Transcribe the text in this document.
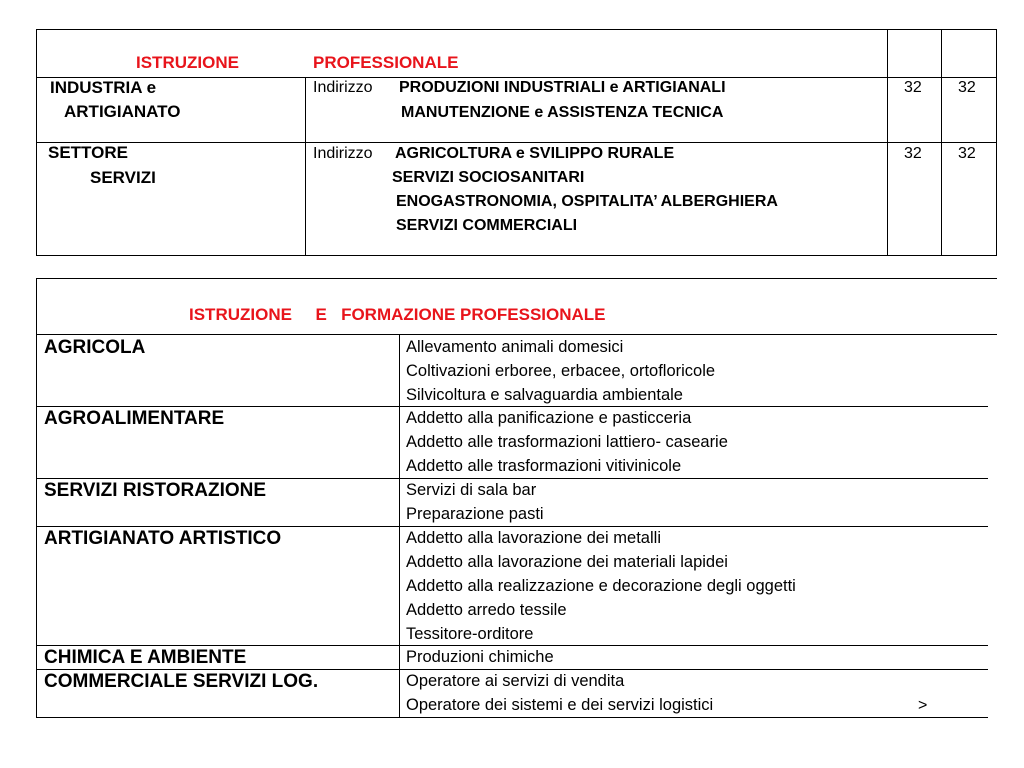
ISTRUZIONE	PROFESSIONALE
INDUSTRIA e
ARTIGIANATO
Indirizzo PRODUZIONI INDUSTRIALI e ARTIGIANALI
MANUTENZIONE e ASSISTENZA TECNICA
32 32
SETTORE
SERVIZI
Indirizzo AGRICOLTURA e SVILIPPO RURALE
SERVIZI SOCIOSANITARI
ENOGASTRONOMIA, OSPITALITA’ ALBERGHIERA
SERVIZI COMMERCIALI
32 32
ISTRUZIONE     E   FORMAZIONE PROFESSIONALE
AGRICOLA	Allevamento animali domesici
Coltivazioni erboree, erbacee, ortofloricole
Silvicoltura e salvaguardia ambientale
AGROALIMENTARE	Addetto alla panificazione e pasticceria
Addetto alle trasformazioni lattiero- casearie
Addetto alle trasformazioni vitivinicole
SERVIZI RISTORAZIONE	Servizi di sala bar
Preparazione pasti
ARTIGIANATO ARTISTICO	Addetto alla lavorazione dei metalli
Addetto alla lavorazione dei materiali lapidei
Addetto alla realizzazione e decorazione degli oggetti
Addetto arredo tessile
Tessitore-orditore
CHIMICA E AMBIENTE	Produzioni chimiche
COMMERCIALE SERVIZI LOG.	Operatore ai servizi di vendita
Operatore dei sistemi e dei servizi logistici	>
